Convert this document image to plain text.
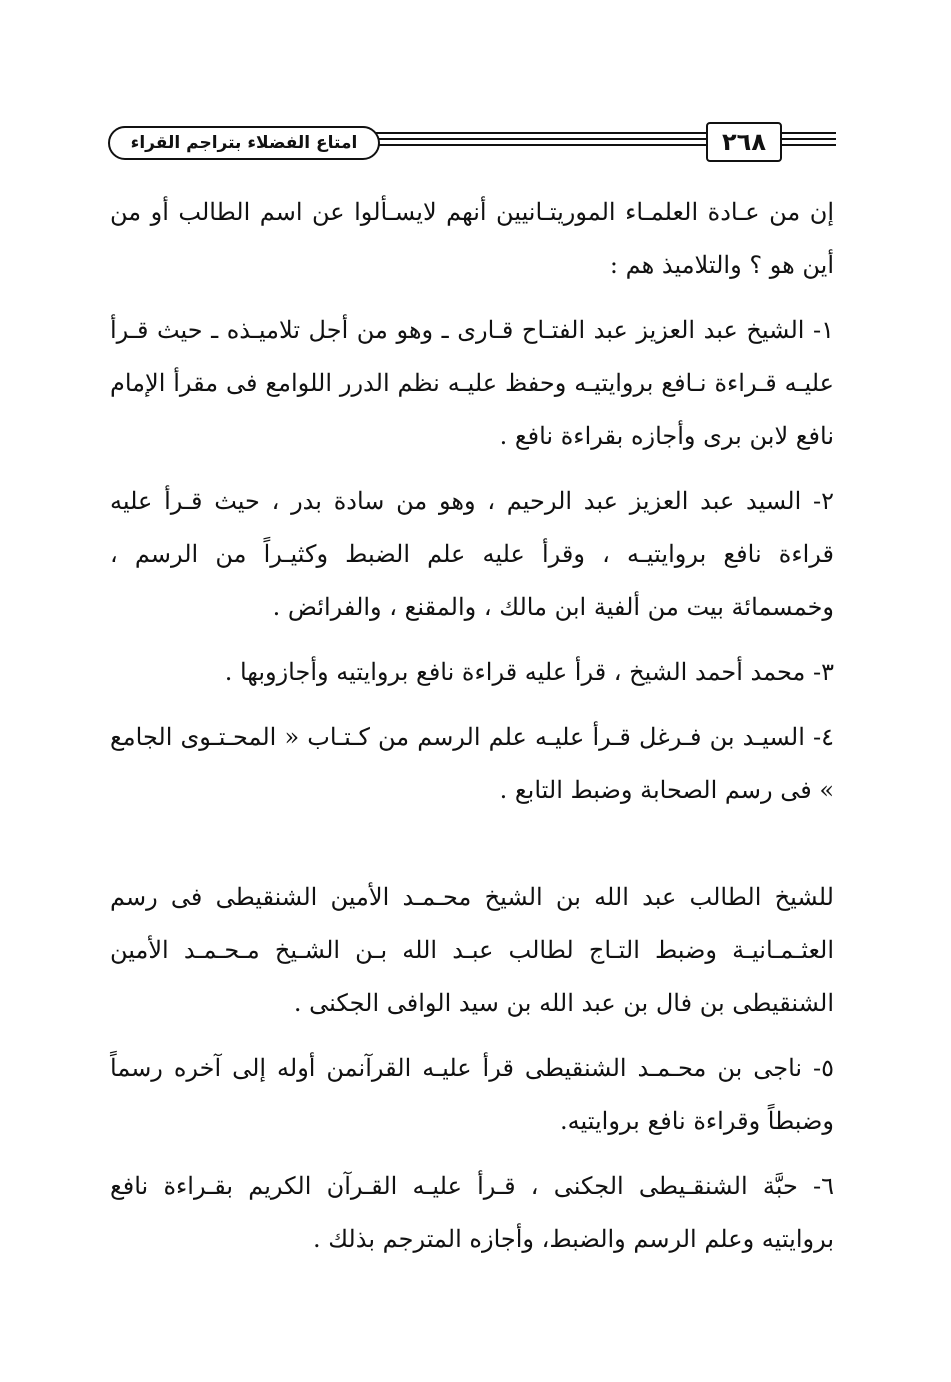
٢٦٨
امتاع الفضلاء بتراجم القراء

إن من عـادة العلمـاء الموريتـانيين أنهم لايسـألوا عن اسم الطالب أو من أين هو ؟ والتلاميذ هم :

١- الشيخ عبد العزيز عبد الفتـاح قـارى ـ وهو من أجل تلاميـذه ـ حيث قـرأ عليـه قـراءة نـافع بروايتيـه وحفظ عليـه نظم الدرر اللوامع فى مقرأ الإمام نافع لابن برى وأجازه بقراءة نافع .

٢- السيد عبد العزيز عبد الرحيم ، وهو من سادة بدر ، حيث قـرأ عليه قراءة نافع بروايتيـه ، وقرأ عليه علم الضبط وكثيـراً من الرسم ، وخمسمائة بيت من ألفية ابن مالك ، والمقنع ، والفرائض .

٣- محمد أحمد الشيخ ، قرأ عليه قراءة نافع بروايتيه وأجازوبها .

٤- السيـد بن فـرغل قـرأ عليـه علم الرسم من كـتـاب « المحـتـوى الجامع » فى رسم الصحابة وضبط التابع .

للشيخ الطالب عبد الله بن الشيخ محـمـد الأمين الشنقيطى فى رسم العثـمـانيـة وضبط التـاج لطالب عبـد الله بـن الشـيخ مـحـمـد الأمين الشنقيطى بن فال بن عبد الله بن سيد الوافى الجكنى .

٥- ناجى بن محـمـد الشنقيطى قرأ عليـه القرآنمن أوله إلى آخره رسماً وضبطاً وقراءة نافع بروايتيه.

٦- حبَّة الشنقـيطى الجكنى ، قـرأ عليـه القـرآن الكريم بقـراءة نافع بروايتيه وعلم الرسم والضبط، وأجازه المترجم بذلك .
